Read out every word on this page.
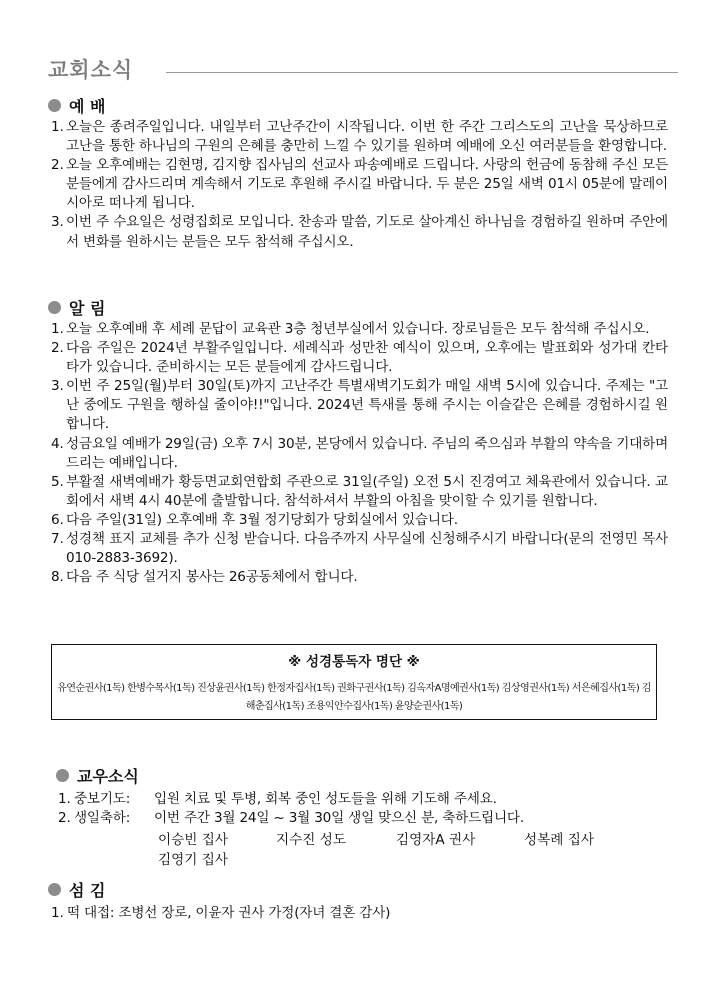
교회소식
예 배
1. 오늘은 종려주일입니다. 내일부터 고난주간이 시작됩니다. 이번 한 주간 그리스도의 고난을 묵상하므로 고난을 통한 하나님의 구원의 은혜를 충만히 느낄 수 있기를 원하며 예배에 오신 여러분들을 환영합니다.
2. 오늘 오후예배는 김현명, 김지향 집사님의 선교사 파송예배로 드립니다. 사랑의 헌금에 동참해 주신 모든 분들에게 감사드리며 계속해서 기도로 후원해 주시길 바랍니다. 두 분은 25일 새벽 01시 05분에 말레이시아로 떠나게 됩니다.
3. 이번 주 수요일은 성령집회로 모입니다. 찬송과 말씀, 기도로 살아계신 하나님을 경험하길 원하며 주안에서 변화를 원하시는 분들은 모두 참석해 주십시오.
알 림
1. 오늘 오후예배 후 세례 문답이 교육관 3층 청년부실에서 있습니다. 장로님들은 모두 참석해 주십시오.
2. 다음 주일은 2024년 부활주일입니다. 세례식과 성만찬 예식이 있으며, 오후에는 발표회와 성가대 칸타타가 있습니다. 준비하시는 모든 분들에게 감사드립니다.
3. 이번 주 25일(월)부터 30일(토)까지 고난주간 특별새벽기도회가 매일 새벽 5시에 있습니다. 주제는 "고난 중에도 구원을 행하실 줄이야!!"입니다. 2024년 특새를 통해 주시는 이슬같은 은혜를 경험하시길 원합니다.
4. 성금요일 예배가 29일(금) 오후 7시 30분, 본당에서 있습니다. 주님의 죽으심과 부활의 약속을 기대하며 드리는 예배입니다.
5. 부활절 새벽예배가 황등면교회연합회 주관으로 31일(주일) 오전 5시 진경여고 체육관에서 있습니다. 교회에서 새벽 4시 40분에 출발합니다. 참석하셔서 부활의 아침을 맞이할 수 있기를 원합니다.
6. 다음 주일(31일) 오후예배 후 3월 정기당회가 당회실에서 있습니다.
7. 성경책 표지 교체를 추가 신청 받습니다. 다음주까지 사무실에 신청해주시기 바랍니다(문의 전영민 목사 010-2883-3692).
8. 다음 주 식당 설거지 봉사는 26공동체에서 합니다.
※ 성경통독자 명단 ※
유연순권사(1독) 한병수목사(1독) 진상윤권사(1독) 한정자집사(1독) 권화구권사(1독) 김옥자A명예권사(1독) 김상영권사(1독) 서은혜집사(1독) 김해춘집사(1독) 조용익안수집사(1독) 윤양순권사(1독)
교우소식
1. 중보기도: 입원 치료 및 투병, 회복 중인 성도들을 위해 기도해 주세요.
2. 생일축하: 이번 주간 3월 24일 ~ 3월 30일 생일 맞으신 분, 축하드립니다.
이승빈 집사	지수진 성도	김영자A 권사	성복례 집사
김영기 집사
섬 김
1. 떡 대접: 조병선 장로, 이윤자 권사 가정(자녀 결혼 감사)
